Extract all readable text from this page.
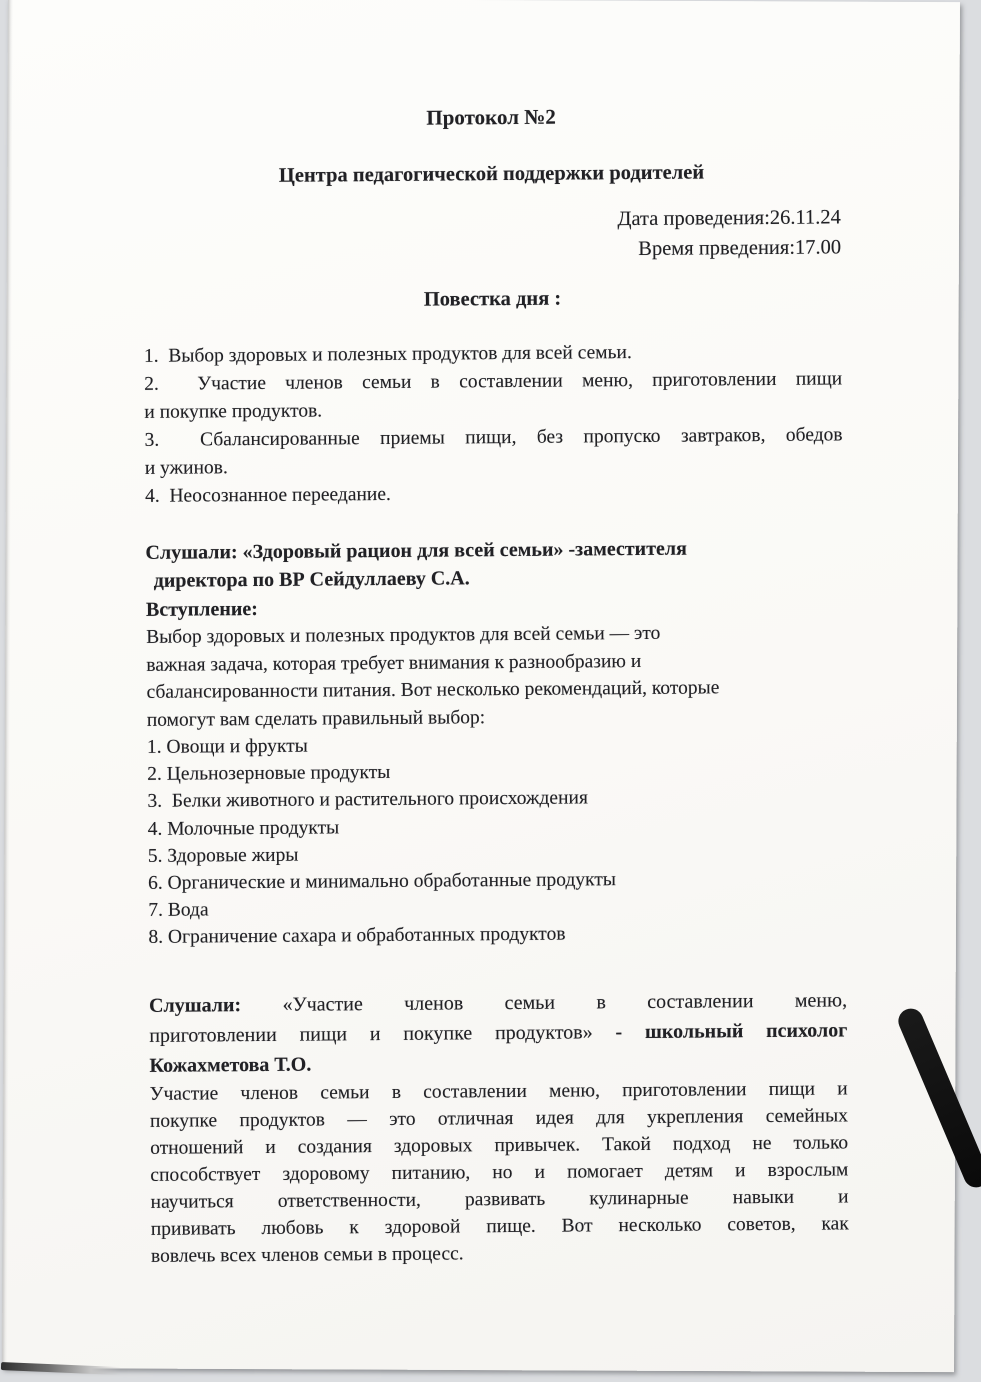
Протокол №2
Центра педагогической поддержки родителей
Дата проведения:26.11.24
Время прведения:17.00
Повестка дня :
1.  Выбор здоровых и полезных продуктов для всей семьи.
2.  Участие членов семьи в составлении меню, приготовлении пищи
и покупке продуктов.
3.  Сбалансированные приемы пищи, без пропуско завтраков, обедов
и ужинов.
4.  Неосознанное переедание.
Слушали: «Здоровый рацион для всей семьи» -заместителя
директора по ВР Сейдуллаеву С.А.
Вступление:
Выбор здоровых и полезных продуктов для всей семьи — это
важная задача, которая требует внимания к разнообразию и
сбалансированности питания. Вот несколько рекомендаций, которые
помогут вам сделать правильный выбор:
1. Овощи и фрукты
2. Цельнозерновые продукты
3.  Белки животного и растительного происхождения
4. Молочные продукты
5. Здоровые жиры
6. Органические и минимально обработанные продукты
7. Вода
8. Ограничение сахара и обработанных продуктов
Слушали: «Участие членов семьи в составлении меню,
приготовлении пищи и покупке продуктов» - школьный психолог
Кожахметова Т.О.
Участие членов семьи в составлении меню, приготовлении пищи и
покупке продуктов — это отличная идея для укрепления семейных
отношений и создания здоровых привычек. Такой подход не только
способствует здоровому питанию, но и помогает детям и взрослым
научиться ответственности, развивать кулинарные навыки и
прививать любовь к здоровой пище. Вот несколько советов, как
вовлечь всех членов семьи в процесс.
